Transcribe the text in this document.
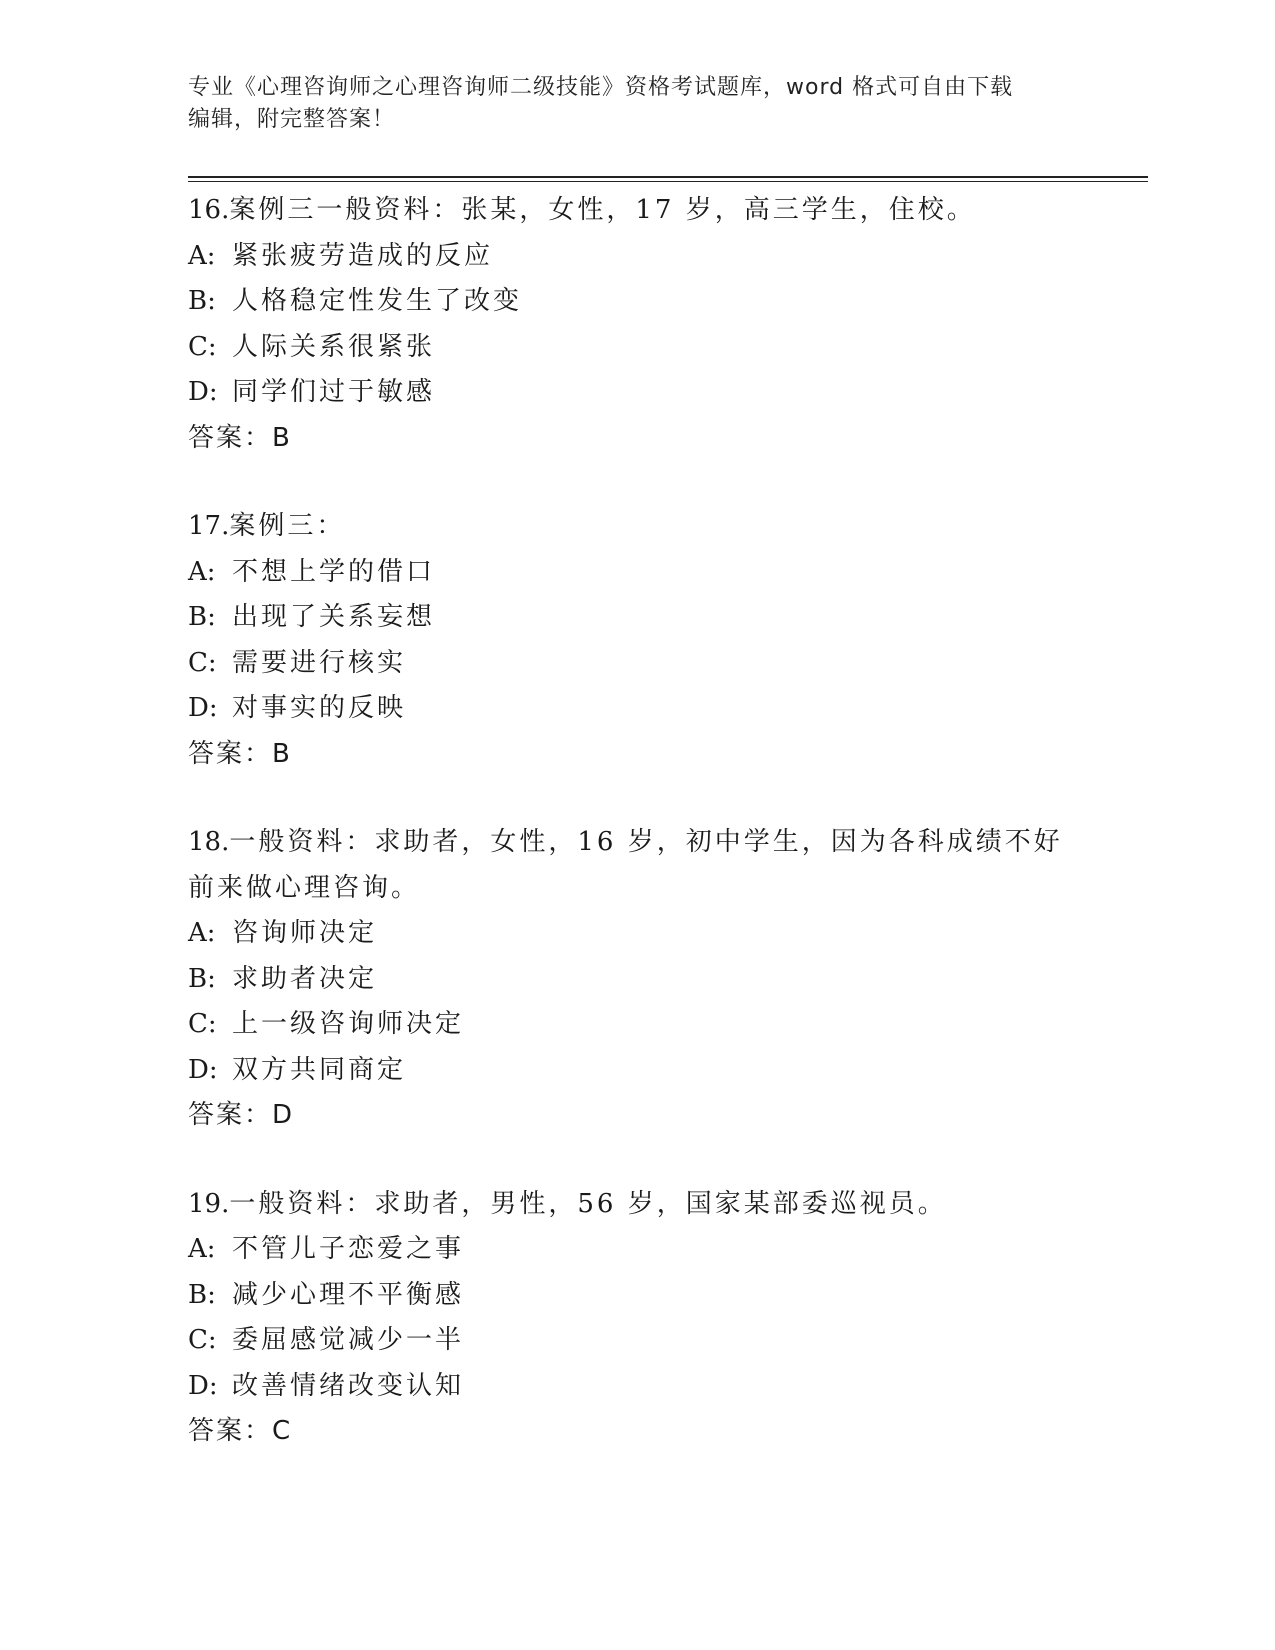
专业《心理咨询师之心理咨询师二级技能》资格考试题库，word 格式可自由下载
编辑，附完整答案！
16.案例三一般资料：张某，女性，17 岁，高三学生，住校。
A: 紧张疲劳造成的反应
B: 人格稳定性发生了改变
C: 人际关系很紧张
D: 同学们过于敏感
答案：B
17.案例三：
A: 不想上学的借口
B: 出现了关系妄想
C: 需要进行核实
D: 对事实的反映
答案：B
18.一般资料：求助者，女性，16 岁，初中学生，因为各科成绩不好前来做心理咨询。
A: 咨询师决定
B: 求助者决定
C: 上一级咨询师决定
D: 双方共同商定
答案：D
19.一般资料：求助者，男性，56 岁，国家某部委巡视员。
A: 不管儿子恋爱之事
B: 减少心理不平衡感
C: 委屈感觉减少一半
D: 改善情绪改变认知
答案：C
